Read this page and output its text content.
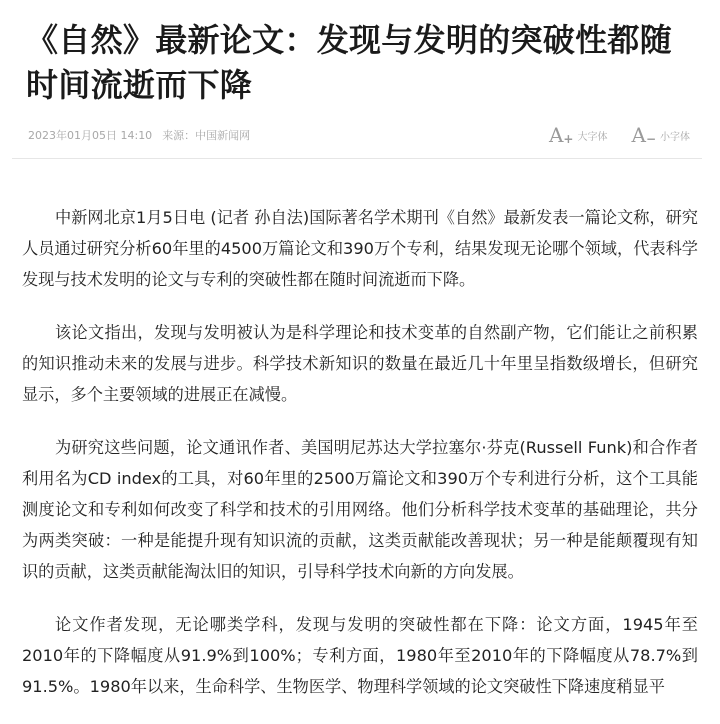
《自然》最新论文：发现与发明的突破性都随时间流逝而下降
2023年01月05日 14:10 来源：中国新闻网	A + 大字体 A − 小字体

中新网北京1月5日电 (记者 孙自法)国际著名学术期刊《自然》最新发表一篇论文称，研究人员通过研究分析60年里的4500万篇论文和390万个专利，结果发现无论哪个领域，代表科学发现与技术发明的论文与专利的突破性都在随时间流逝而下降。

该论文指出，发现与发明被认为是科学理论和技术变革的自然副产物，它们能让之前积累的知识推动未来的发展与进步。科学技术新知识的数量在最近几十年里呈指数级增长，但研究显示，多个主要领域的进展正在减慢。

为研究这些问题，论文通讯作者、美国明尼苏达大学拉塞尔·芬克(Russell Funk)和合作者利用名为CD index的工具，对60年里的2500万篇论文和390万个专利进行分析，这个工具能测度论文和专利如何改变了科学和技术的引用网络。他们分析科学技术变革的基础理论，共分为两类突破：一种是能提升现有知识流的贡献，这类贡献能改善现状；另一种是能颠覆现有知识的贡献，这类贡献能淘汰旧的知识，引导科学技术向新的方向发展。

论文作者发现，无论哪类学科，发现与发明的突破性都在下降：论文方面，1945年至2010年的下降幅度从91.9%到100%；专利方面，1980年至2010年的下降幅度从78.7%到91.5%。1980年以来，生命科学、生物医学、物理科学领域的论文突破性下降速度稍显平
